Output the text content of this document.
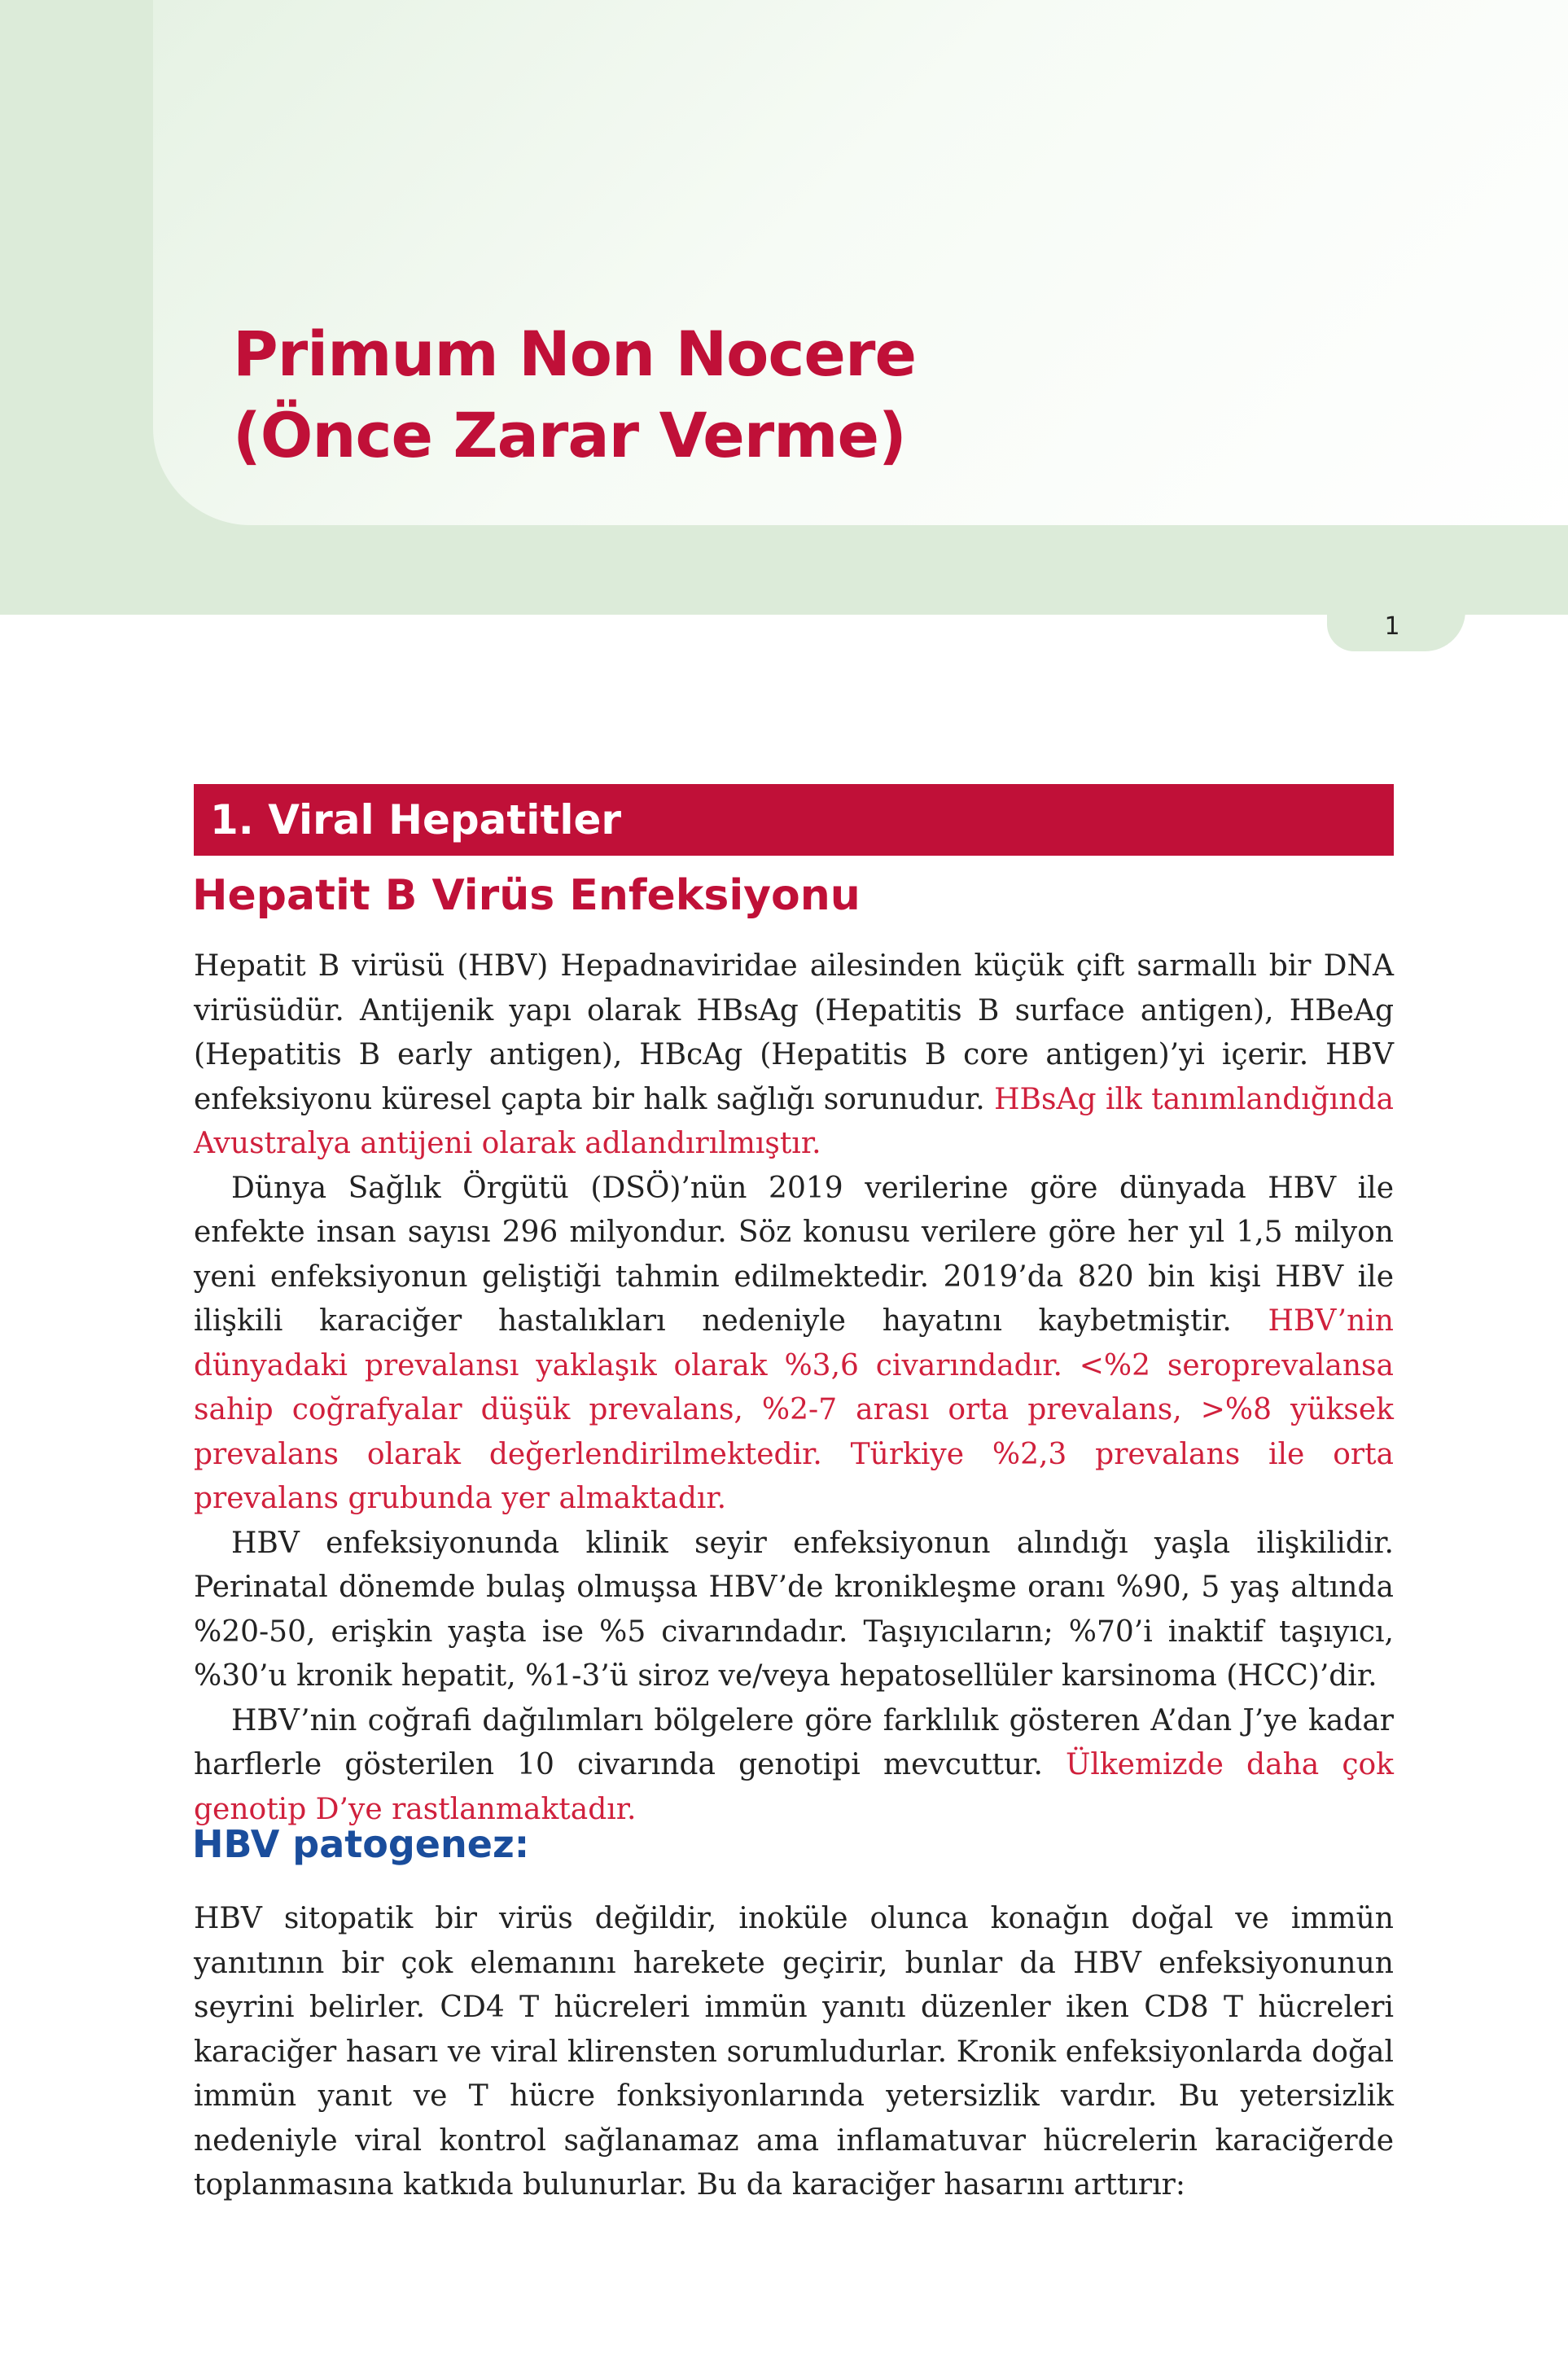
Primum Non Nocere
(Önce Zarar Verme)
1
1. Viral Hepatitler
Hepatit B Virüs Enfeksiyonu

Hepatit B virüsü (HBV) Hepadnaviridae ailesinden küçük çift sarmallı bir DNA virüsüdür. Antijenik yapı olarak HBsAg (Hepatitis B surface antigen), HBeAg (Hepatitis B early antigen), HBcAg (Hepatitis B core antigen)’yi içerir. HBV enfeksiyonu küresel çapta bir halk sağlığı sorunudur. HBsAg ilk tanımlandığında Avustralya antijeni olarak adlandırılmıştır.

Dünya Sağlık Örgütü (DSÖ)’nün 2019 verilerine göre dünyada HBV ile enfekte insan sayısı 296 milyondur. Söz konusu verilere göre her yıl 1,5 milyon yeni enfeksiyonun geliştiği tahmin edilmektedir. 2019’da 820 bin kişi HBV ile ilişkili karaciğer hastalıkları nedeniyle hayatını kaybetmiştir. HBV’nin dünyadaki prevalansı yaklaşık olarak %3,6 civarındadır. <%2 seroprevalansa sahip coğrafyalar düşük prevalans, %2-7 arası orta prevalans, >%8 yüksek prevalans olarak değerlendirilmektedir. Türkiye %2,3 prevalans ile orta prevalans grubunda yer almaktadır.

HBV enfeksiyonunda klinik seyir enfeksiyonun alındığı yaşla ilişkilidir. Perinatal dönemde bulaş olmuşsa HBV’de kronikleşme oranı %90, 5 yaş altında %20-50, erişkin yaşta ise %5 civarındadır. Taşıyıcıların; %70’i inaktif taşıyıcı, %30’u kronik hepatit, %1-3’ü siroz ve/veya hepatosellüler karsinoma (HCC)’dir.

HBV’nin coğrafi dağılımları bölgelere göre farklılık gösteren A’dan J’ye kadar harflerle gösterilen 10 civarında genotipi mevcuttur. Ülkemizde daha çok genotip D’ye rastlanmaktadır.

HBV patogenez:

HBV sitopatik bir virüs değildir, inoküle olunca konağın doğal ve immün yanıtının bir çok elemanını harekete geçirir, bunlar da HBV enfeksiyonunun seyrini belirler. CD4 T hücreleri immün yanıtı düzenler iken CD8 T hücreleri karaciğer hasarı ve viral klirensten sorumludurlar. Kronik enfeksiyonlarda doğal immün yanıt ve T hücre fonksiyonlarında yetersizlik vardır. Bu yetersizlik nedeniyle viral kontrol sağlanamaz ama inflamatuvar hücrelerin karaciğerde toplanmasına katkıda bulunurlar. Bu da karaciğer hasarını arttırır:
